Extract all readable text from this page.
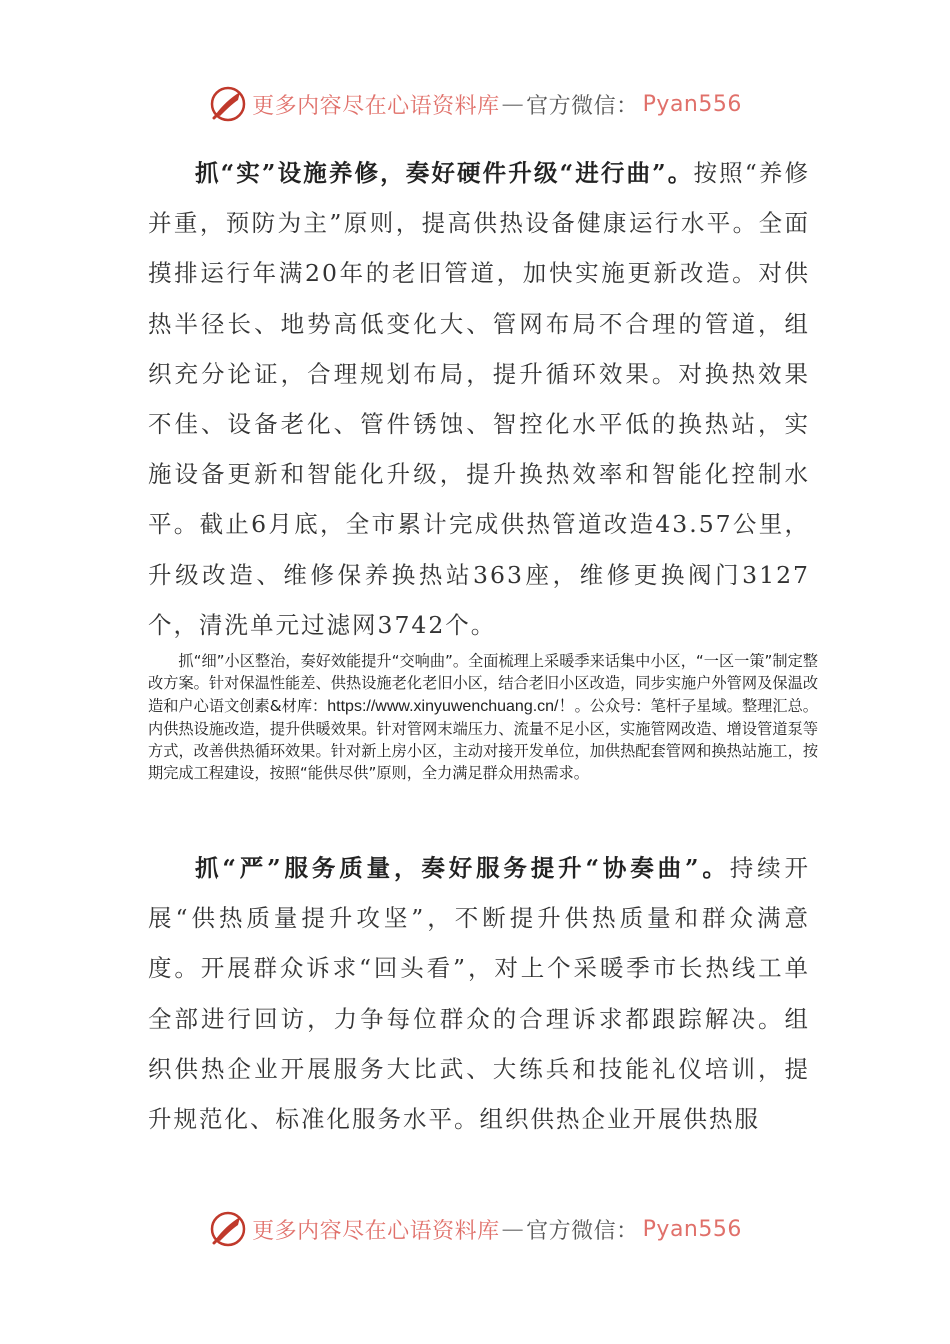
更多内容尽在心语资料库 — 官方微信： Pyan556
抓“实”设施养修，奏好硬件升级“进行曲”。按照“养修并重，预防为主”原则，提高供热设备健康运行水平。全面摸排运行年满20年的老旧管道，加快实施更新改造。对供热半径长、地势高低变化大、管网布局不合理的管道，组织充分论证，合理规划布局，提升循环效果。对换热效果不佳、设备老化、管件锈蚀、智控化水平低的换热站，实施设备更新和智能化升级，提升换热效率和智能化控制水平。截止6月底，全市累计完成供热管道改造43.57公里，升级改造、维修保养换热站363座，维修更换阀门3127个，清洗单元过滤网3742个。
抓“细”小区整治，奏好效能提升“交响曲”。全面梳理上采暖季来话集中小区，“一区一策”制定整改方案。针对保温性能差、供热设施老化老旧小区，结合老旧小区改造，同步实施户外管网及保温改造和户心语文创素&材库：https://www.xinyuwenchuang.cn/！。公众号：笔杆子星域。整理汇总。内供热设施改造，提升供暖效果。针对管网末端压力、流量不足小区，实施管网改造、增设管道泵等方式，改善供热循环效果。针对新上房小区，主动对接开发单位，加供热配套管网和换热站施工，按期完成工程建设，按照“能供尽供”原则，全力满足群众用热需求。
抓“严”服务质量，奏好服务提升“协奏曲”。持续开展“供热质量提升攻坚”，不断提升供热质量和群众满意度。开展群众诉求“回头看”，对上个采暖季市长热线工单全部进行回访，力争每位群众的合理诉求都跟踪解决。组织供热企业开展服务大比武、大练兵和技能礼仪培训，提升规范化、标准化服务水平。组织供热企业开展供热服
更多内容尽在心语资料库 — 官方微信： Pyan556
